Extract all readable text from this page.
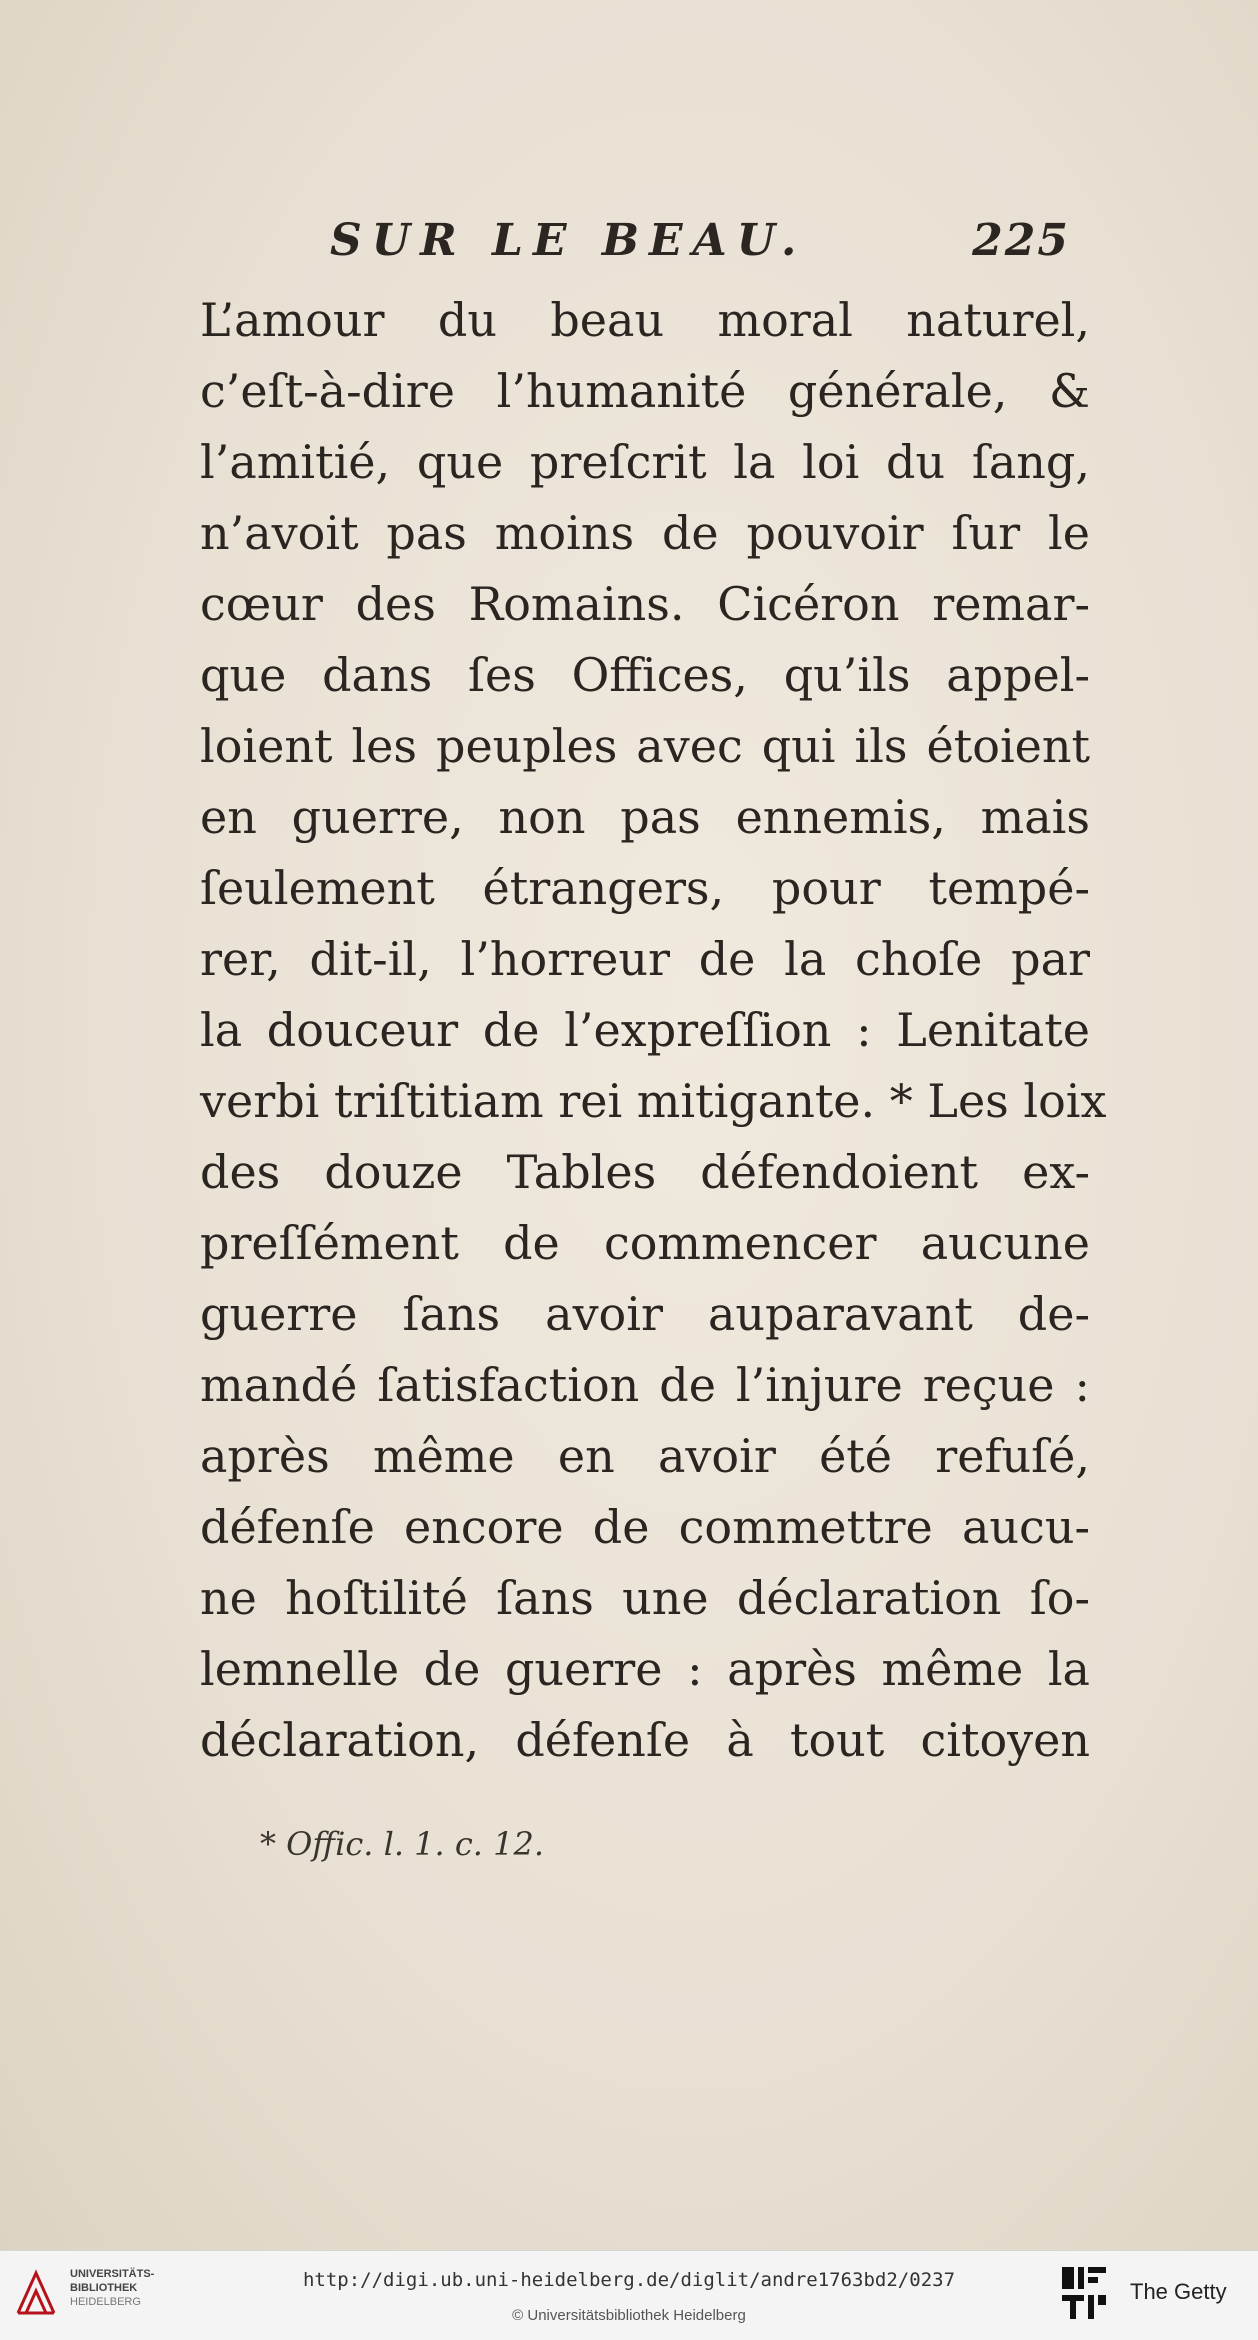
SUR LE BEAU.	225
L’amour du beau moral naturel,
c’eſt-à-dire l’humanité générale, &
l’amitié, que preſcrit la loi du ſang,
n’avoit pas moins de pouvoir ſur le
cœur des Romains. Cicéron remar-
que dans ſes Offices, qu’ils appel-
loient les peuples avec qui ils étoient
en guerre, non pas ennemis, mais
ſeulement étrangers, pour tempé-
rer, dit-il, l’horreur de la choſe par
la douceur de l’expreſſion : Lenitate
verbi triſtitiam rei mitigante. * Les loix
des douze Tables défendoient ex-
preſſément de commencer aucune
guerre ſans avoir auparavant de-
mandé ſatisfaction de l’injure reçue :
après même en avoir été refuſé,
défenſe encore de commettre aucu-
ne hoſtilité ſans une déclaration ſo-
lemnelle de guerre : après même la
déclaration, défenſe à tout citoyen
* Offic. l. 1. c. 12.
UNIVERSITÄTS-
BIBLIOTHEK
HEIDELBERG
http://digi.ub.uni-heidelberg.de/diglit/andre1763bd2/0237
© Universitätsbibliothek Heidelberg
The Getty
